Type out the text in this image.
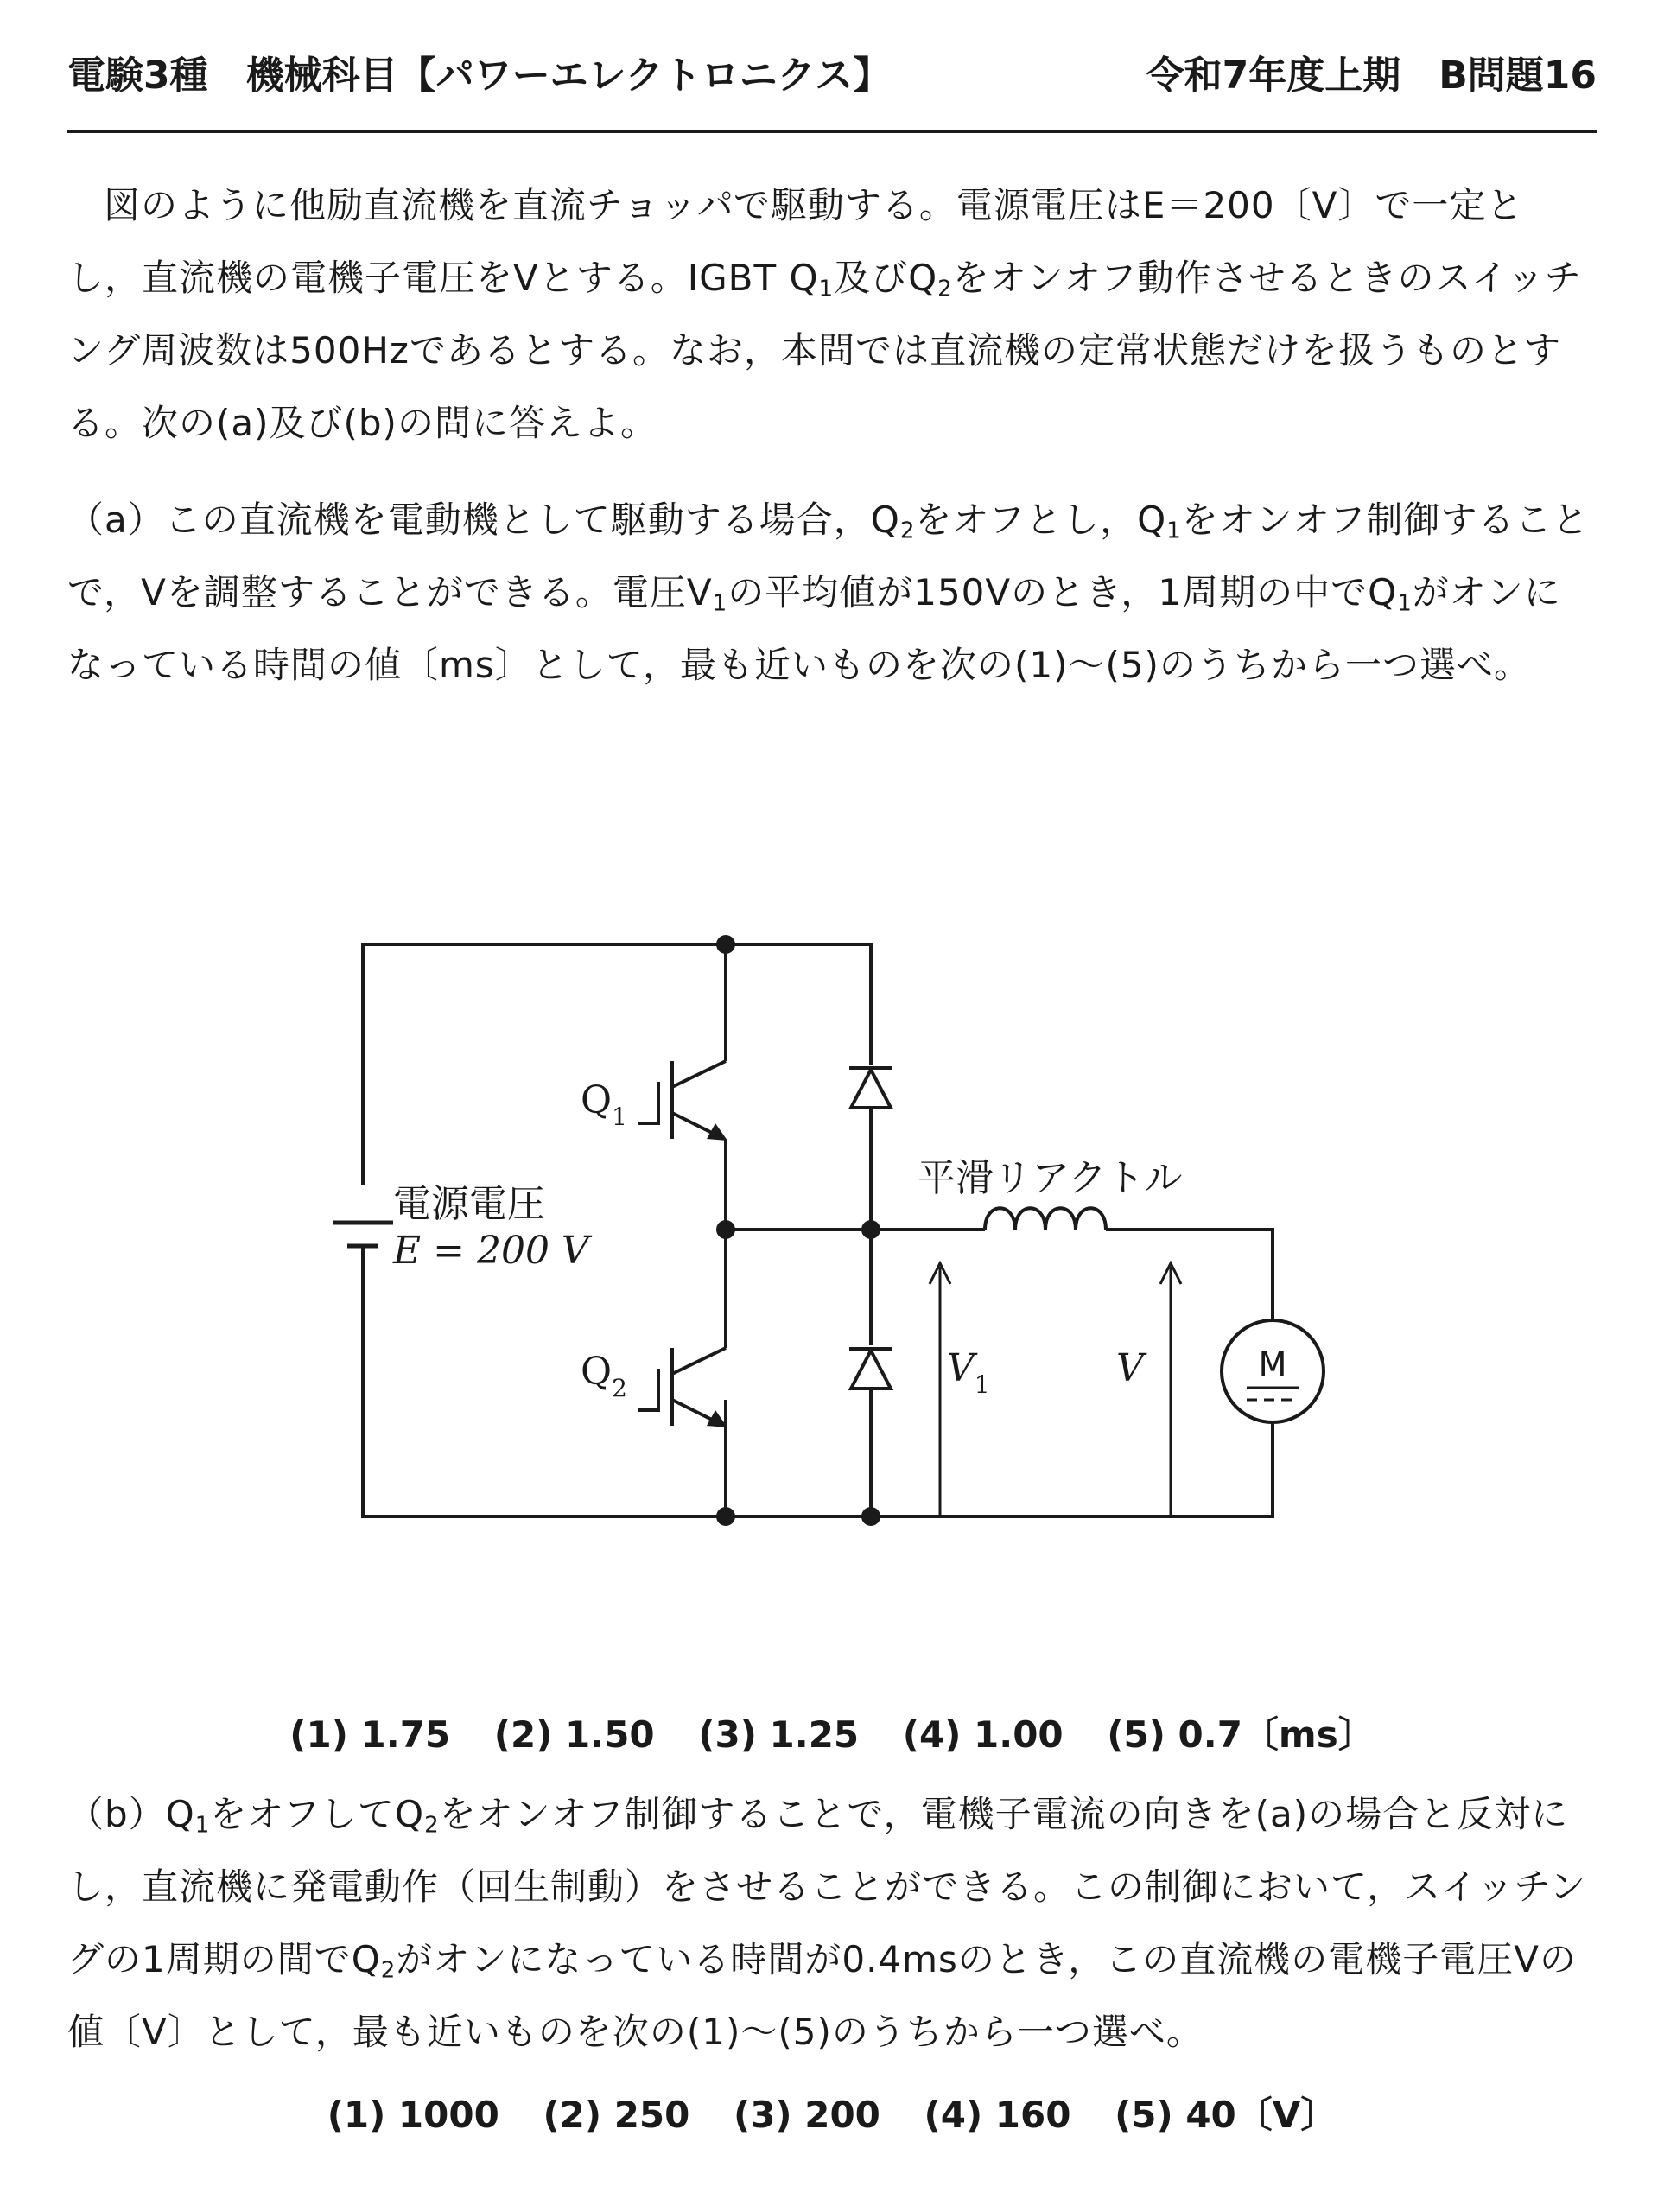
電験3種　機械科目【パワーエレクトロニクス】	令和7年度上期　B問題16
図のように他励直流機を直流チョッパで駆動する。電源電圧はE＝200〔V〕で一定とし，直流機の電機子電圧をVとする。IGBT $Q_1$及び$Q_2$をオンオフ動作させるときのスイッチング周波数は500Hzであるとする。なお，本問では直流機の定常状態だけを扱うものとする。次の(a)及び(b)の問に答えよ。
（a）この直流機を電動機として駆動する場合，$Q_2$をオフとし，$Q_1$をオンオフ制御することで，Vを調整することができる。電圧$V_1$の平均値が150Vのとき，1周期の中で$Q_1$がオンになっている時間の値〔ms〕として，最も近いものを次の(1)〜(5)のうちから一つ選べ。
$Q_1$
$Q_2$
電源電圧
E = 200 V
平滑リアクトル
$V_1$	V	M
(1) 1.75 (2) 1.50 (3) 1.25 (4) 1.00 (5) 0.7〔ms〕
$(b)Q_1$をオフして$Q_2$をオンオフ制御することで，電機子電流の向きを(a)の場合と反対にし，直流機に発電動作（回生制動）をさせることができる。この制御において，スイッチングの1周期の間で$Q_2$がオンになっている時間が0.4msのとき，この直流機の電機子電圧Vの値〔V〕として，最も近いものを次の(1)〜(5)のうちから一つ選べ。
(1) 1000 (2) 250 (3) 200 (4) 160 (5) 40〔V〕
